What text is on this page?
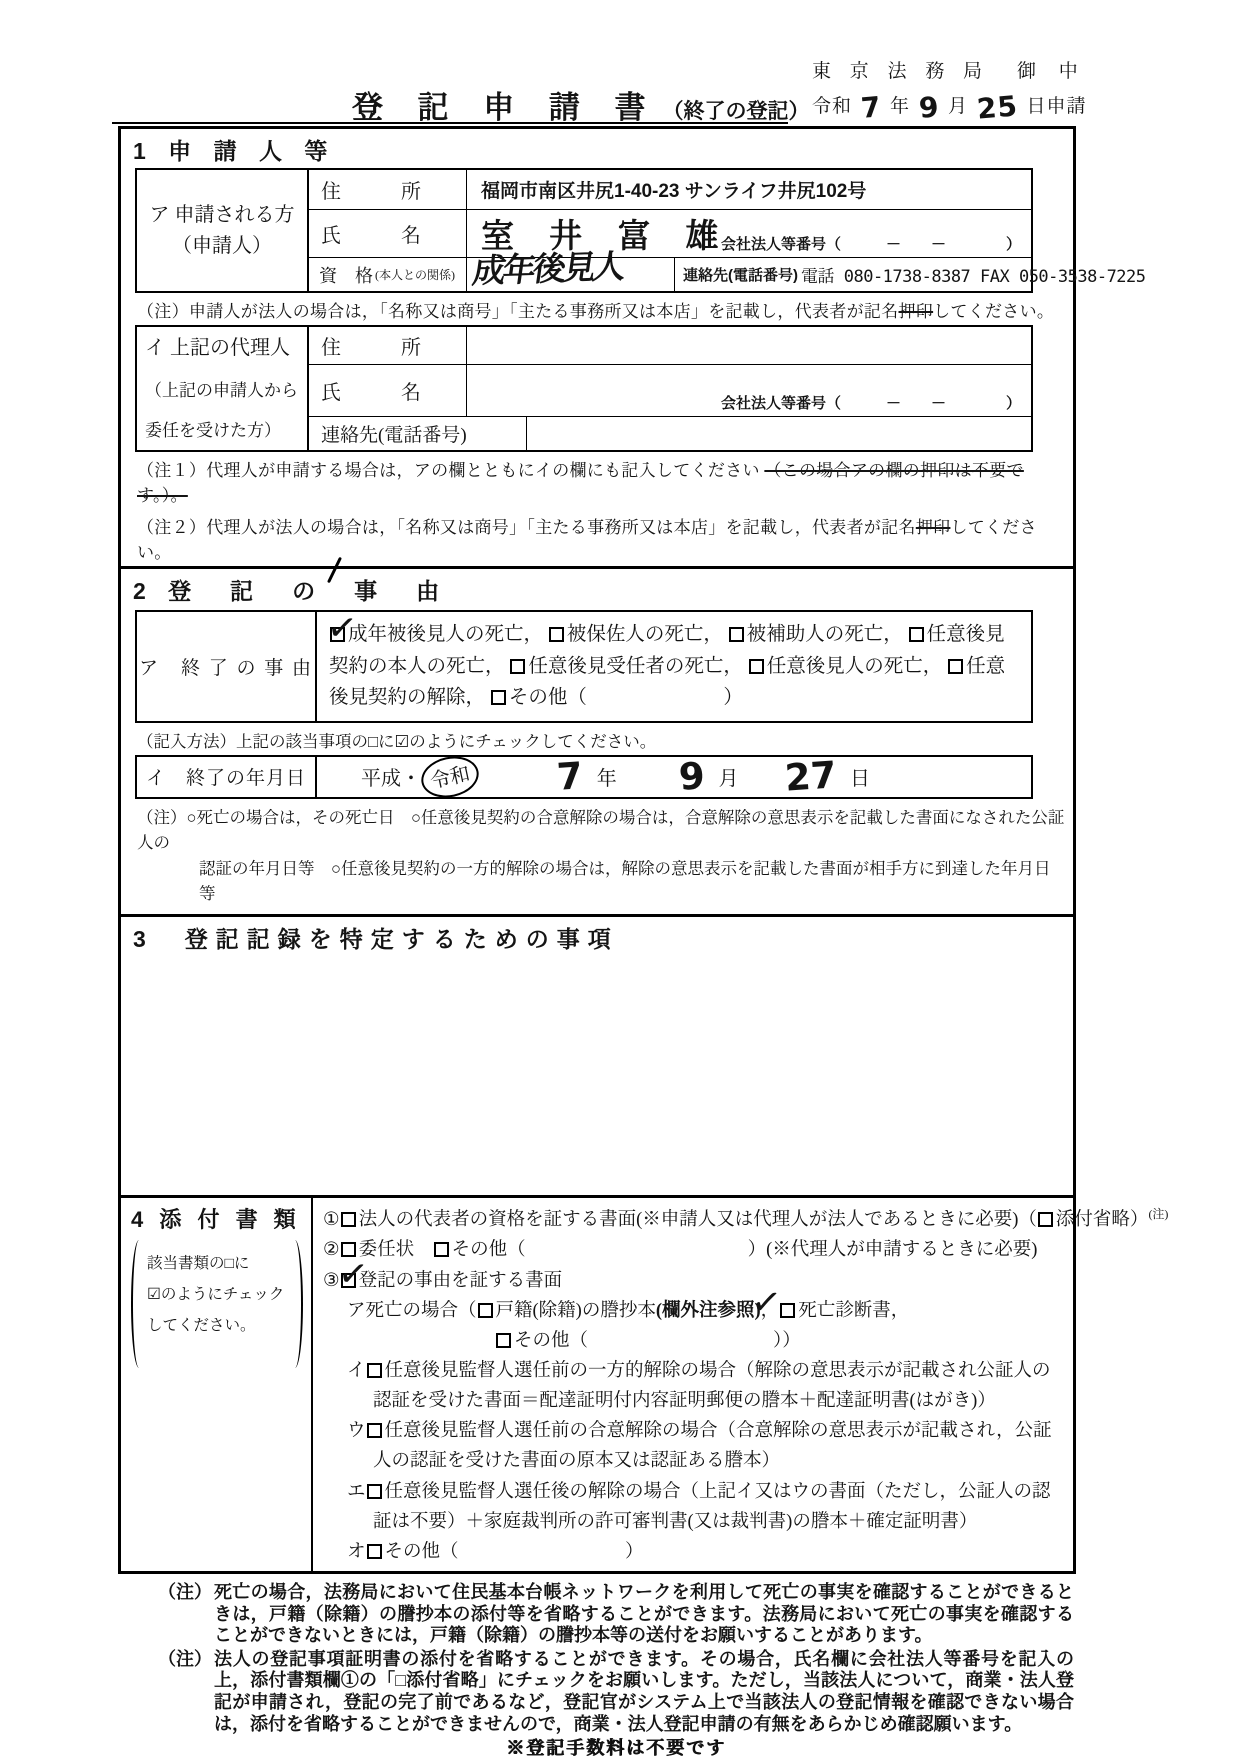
東 京 法 務 局 御 中
令和 7 年 9 月 25 日申請
登 記 申 請 書 （終了の登記）
1 申 請 人 等
ア 申請される方
（申請人）
住　　　所	福岡市南区井尻1-40-23 サンライフ井尻102号
氏　　　名	室 井 富 雄
会社法人等番号（　　　－　　－　　　　）
資　格 (本人との関係) 成年後見人	連絡先(電話番号) 電話 080-1738-8387 FAX 050-3538-7225
（注）申請人が法人の場合は，「名称又は商号」「主たる事務所又は本店」を記載し，代表者が記名押印してください。
イ 上記の代理人
（上記の申請人から
委任を受けた方）
住　　　所
氏　　　名	会社法人等番号（　　　－　　－　　　　）
連絡先(電話番号)
（注１）代理人が申請する場合は，アの欄とともにイの欄にも記入してください （この場合アの欄の押印は不要です。）。
（注２）代理人が法人の場合は，「名称又は商号」「主たる事務所又は本店」を記載し，代表者が記名押印してください。
2 登　記　の　事　由
ア　終 了 の 事 由
✓成年被後見人の死亡， 被保佐人の死亡， 被補助人の死亡， 任意後見契約の本人の死亡， 任意後見受任者の死亡， 任意後見人の死亡， 任意後見契約の解除， その他（　　　　　　　）
（記入方法）上記の該当事項の□に☑のようにチェックしてください。
イ　終了の年月日	平成・ 令和 7 年 9 月 27 日
（注）○死亡の場合は，その死亡日　○任意後見契約の合意解除の場合は，合意解除の意思表示を記載した書面になされた公証人の
認証の年月日等　○任意後見契約の一方的解除の場合は，解除の意思表示を記載した書面が相手方に到達した年月日等
3　登記記録を特定するための事項
4 添 付 書 類
該当書類の□に
☑のようにチェック
してください。
① 法人の代表者の資格を証する書面(※申請人又は代理人が法人であるときに必要)（ 添付省略）$^{(注)}$
② 委任状　その他（　　　　　　　　　　　　）(※代理人が申請するときに必要)
③ ✓ 登記の事由を証する書面
ア死亡の場合（ 戸籍(除籍)の謄抄本(欄外注参照)， ✓ 死亡診断書，
その他（　　　　　　　　　　））
イ 任意後見監督人選任前の一方的解除の場合（解除の意思表示が記載され公証人の認証を受けた書面＝配達証明付内容証明郵便の謄本＋配達証明書(はがき)）
ウ 任意後見監督人選任前の合意解除の場合（合意解除の意思表示が記載され，公証人の認証を受けた書面の原本又は認証ある謄本）
エ 任意後見監督人選任後の解除の場合（上記イ又はウの書面（ただし，公証人の認証は不要）＋家庭裁判所の許可審判書(又は裁判書)の謄本＋確定証明書）
オ その他（　　　　　　　　　）
（注） 死亡の場合，法務局において住民基本台帳ネットワークを利用して死亡の事実を確認することができるときは，戸籍（除籍）の謄抄本の添付等を省略することができます。法務局において死亡の事実を確認することができないときには，戸籍（除籍）の謄抄本等の送付をお願いすることがあります。
（注） 法人の登記事項証明書の添付を省略することができます。その場合，氏名欄に会社法人等番号を記入の上，添付書類欄①の「□添付省略」にチェックをお願いします。ただし，当該法人について，商業・法人登記が申請され，登記の完了前であるなど，登記官がシステム上で当該法人の登記情報を確認できない場合は，添付を省略することができませんので，商業・法人登記申請の有無をあらかじめ確認願います。
※登記手数料は不要です
